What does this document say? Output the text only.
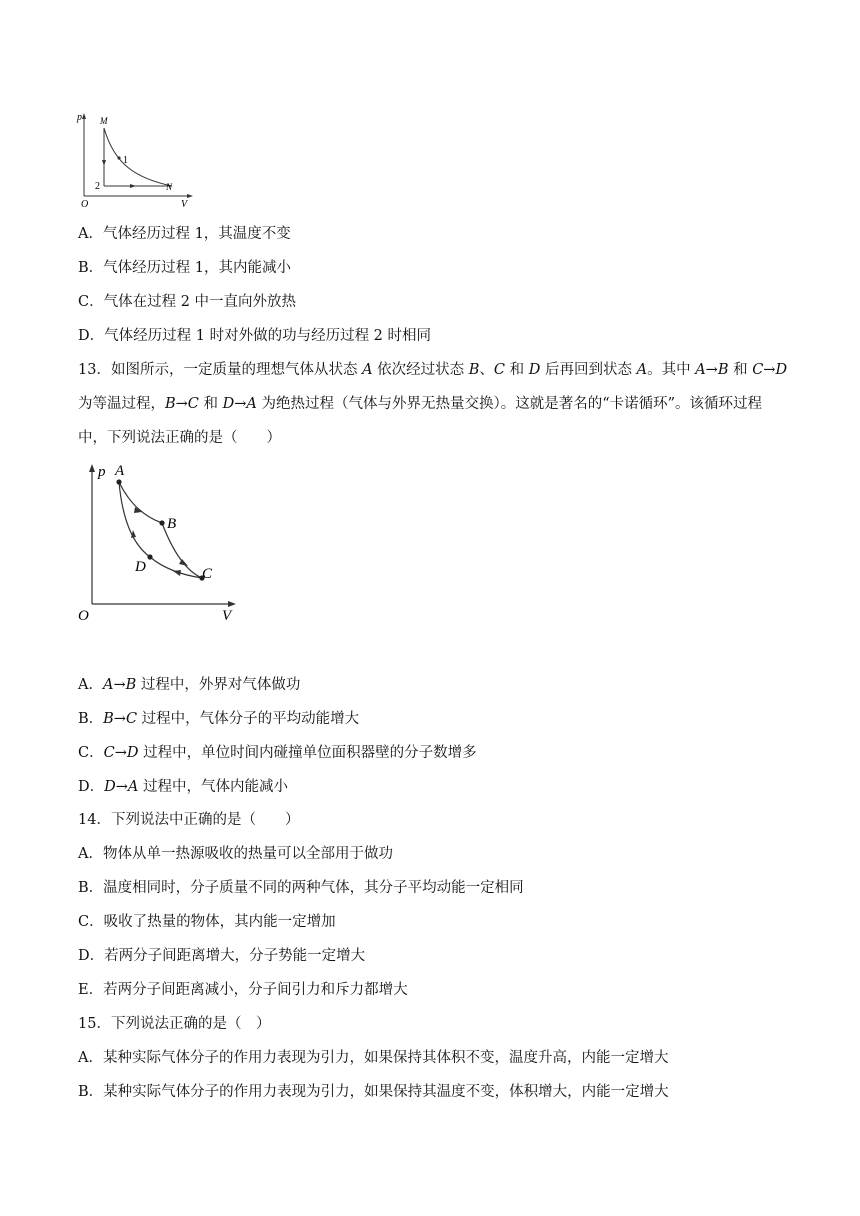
p M
1
2	N
O	V
A．气体经历过程 1，其温度不变
B．气体经历过程 1，其内能减小
C．气体在过程 2 中一直向外放热
D．气体经历过程 1 时对外做的功与经历过程 2 时相同
13．如图所示，一定质量的理想气体从状态 A 依次经过状态 B、C 和 D 后再回到状态 A。其中 A→B 和 C→D
为等温过程，B→C 和 D→A 为绝热过程（气体与外界无热量交换）。这就是著名的“卡诺循环”。该循环过程
中，下列说法正确的是（　　）
p A
B
D	C
O	V
A．A→B 过程中，外界对气体做功
B．B→C 过程中，气体分子的平均动能增大
C．C→D 过程中，单位时间内碰撞单位面积器壁的分子数增多
D．D→A 过程中，气体内能减小
14．下列说法中正确的是（　　）
A．物体从单一热源吸收的热量可以全部用于做功
B．温度相同时，分子质量不同的两种气体，其分子平均动能一定相同
C．吸收了热量的物体，其内能一定增加
D．若两分子间距离增大，分子势能一定增大
E．若两分子间距离减小，分子间引力和斥力都增大
15．下列说法正确的是（　）
A．某种实际气体分子的作用力表现为引力，如果保持其体积不变，温度升高，内能一定增大
B．某种实际气体分子的作用力表现为引力，如果保持其温度不变，体积增大，内能一定增大
